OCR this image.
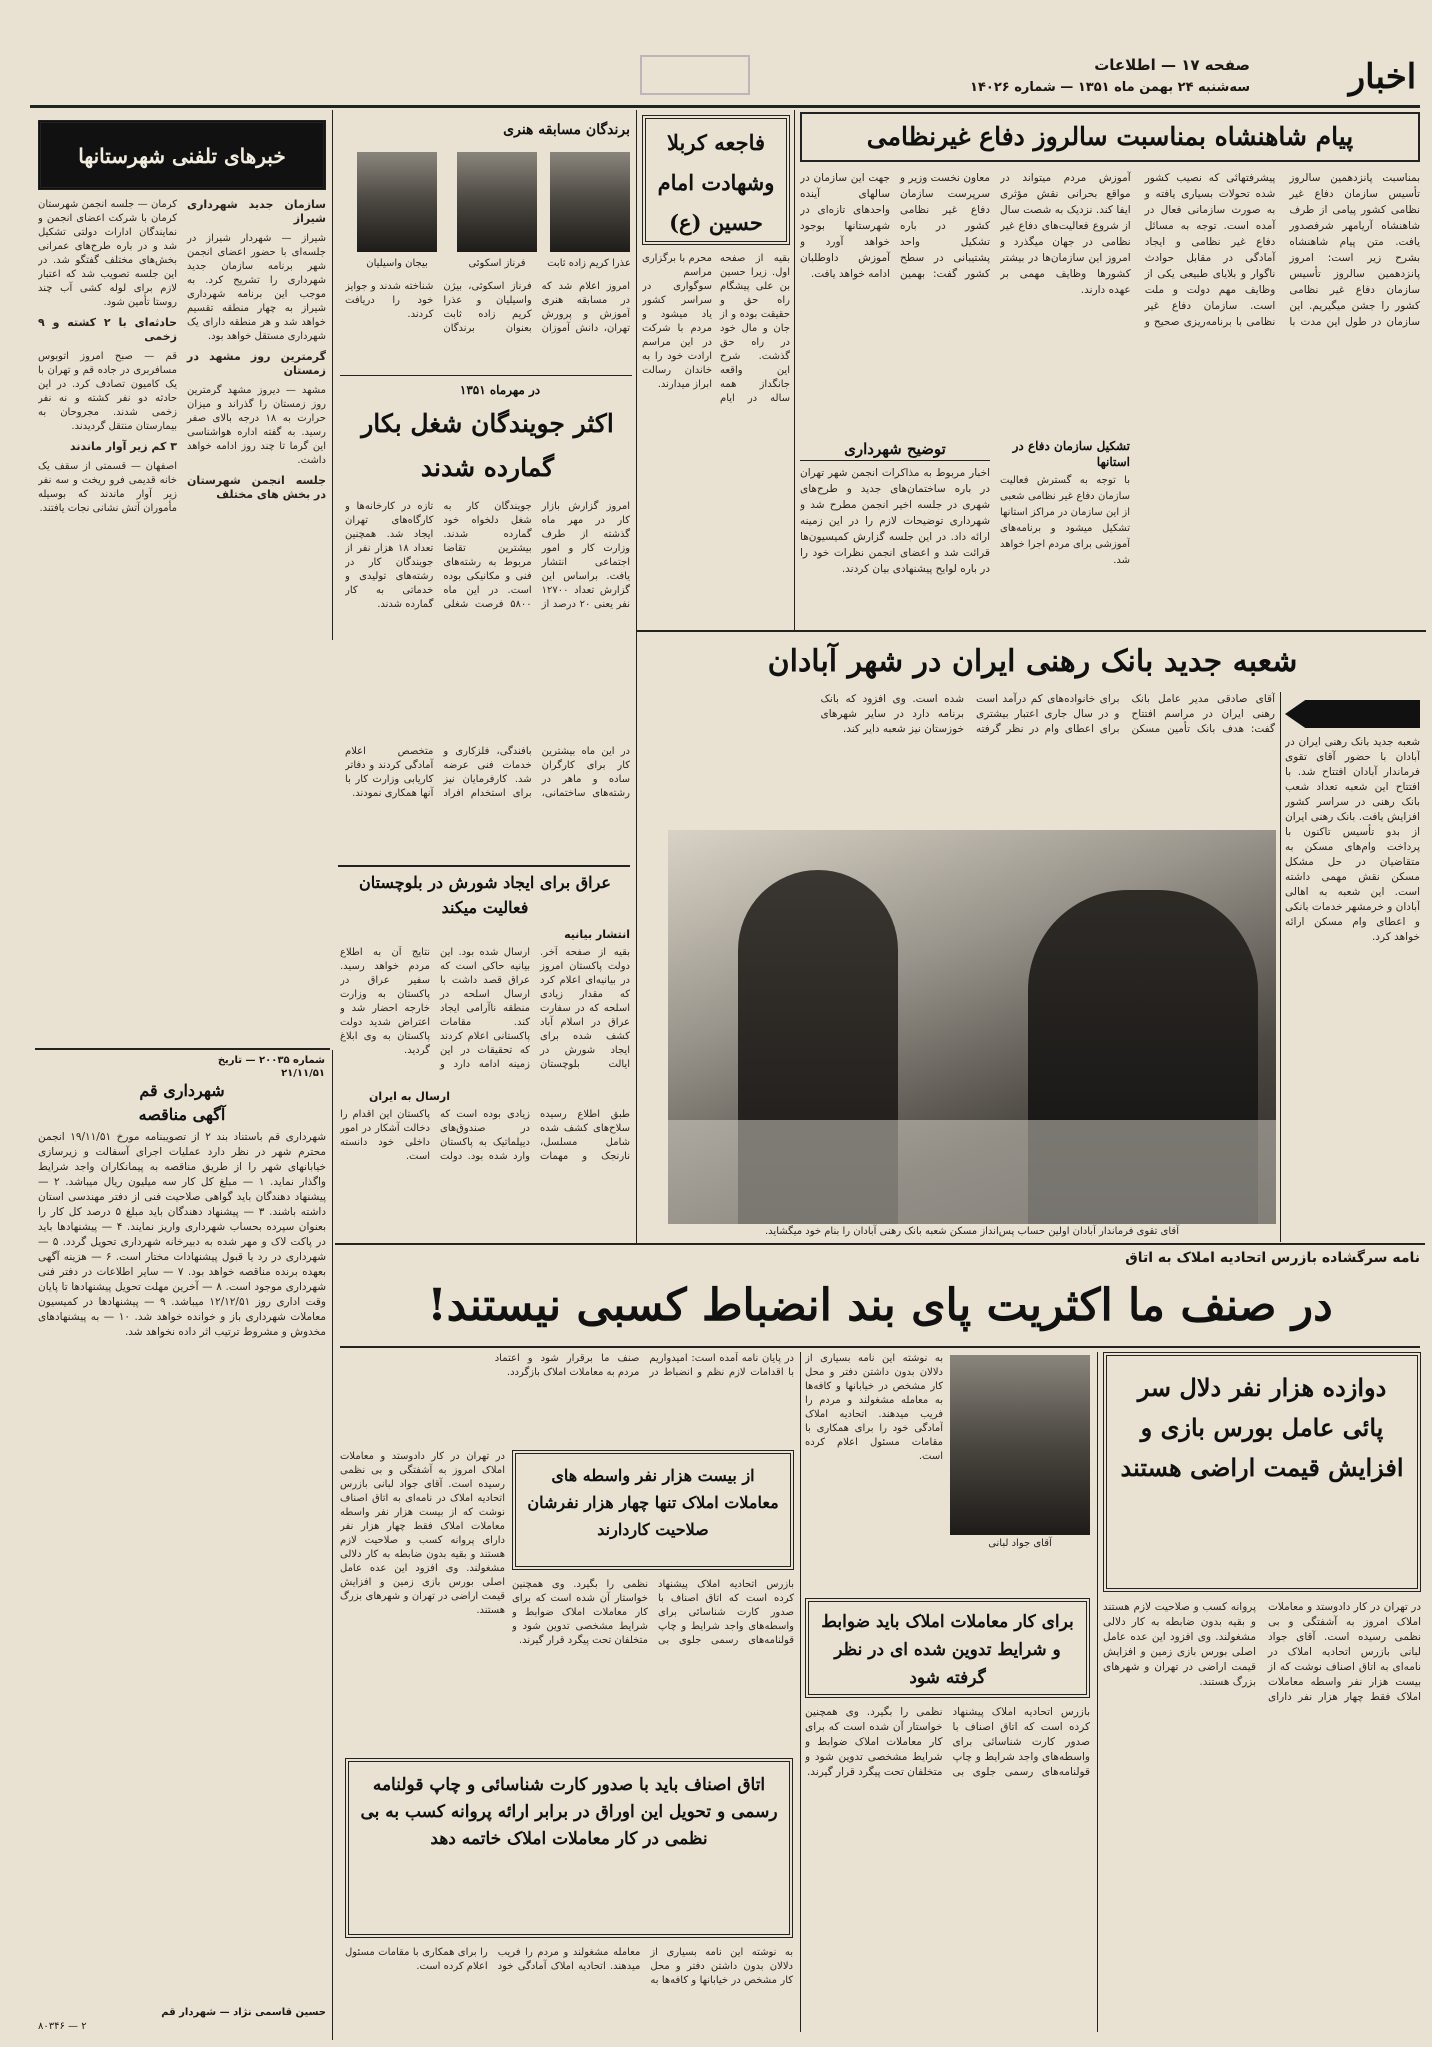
اخبار
صفحه ۱۷ — اطلاعات
سه‌شنبه ۲۴ بهمن ماه ۱۳۵۱ — شماره ۱۴۰۲۶
پیام شاهنشاه بمناسبت سالروز دفاع غیرنظامی
بمناسبت پانزدهمین سالروز تأسیس سازمان دفاع غیر نظامی کشور پیامی از طرف شاهنشاه آریامهر شرفصدور یافت. متن پیام شاهنشاه بشرح زیر است: امروز پانزدهمین سالروز تأسیس سازمان دفاع غیر نظامی کشور را جشن میگیریم. این سازمان در طول این مدت با پیشرفتهائی که نصیب کشور شده تحولات بسیاری یافته و به صورت سازمانی فعال در آمده است. توجه به مسائل دفاع غیر نظامی و ایجاد آمادگی در مقابل حوادث ناگوار و بلایای طبیعی یکی از وظایف مهم دولت و ملت است. سازمان دفاع غیر نظامی با برنامه‌ریزی صحیح و آموزش مردم میتواند در مواقع بحرانی نقش مؤثری ایفا کند. نزدیک به شصت سال از شروع فعالیت‌های دفاع غیر نظامی در جهان میگذرد و امروز این سازمان‌ها در بیشتر کشورها وظایف مهمی بر عهده دارند.
معاون نخست وزیر و سرپرست سازمان دفاع غیر نظامی کشور در باره تشکیل واحد پشتیبانی در سطح کشور گفت: بهمین جهت این سازمان در سالهای آینده واحدهای تازه‌ای در شهرستانها بوجود خواهد آورد و آموزش داوطلبان ادامه خواهد یافت.
توضیح شهرداری
اخبار مربوط به مذاکرات انجمن شهر تهران در باره ساختمان‌های جدید و طرح‌های شهری در جلسه اخیر انجمن مطرح شد و شهرداری توضیحات لازم را در این زمینه ارائه داد. در این جلسه گزارش کمیسیون‌ها قرائت شد و اعضای انجمن نظرات خود را در باره لوایح پیشنهادی بیان کردند.
تشکیل سازمان دفاع در استانها
با توجه به گسترش فعالیت سازمان دفاع غیر نظامی شعبی از این سازمان در مراکز استانها تشکیل میشود و برنامه‌های آموزشی برای مردم اجرا خواهد شد.
فاجعه کربلا وشهادت امام حسین (ع)
بقیه از صفحه اول. زیرا حسین بن علی پیشگام راه حق و حقیقت بوده و از جان و مال خود در راه حق گذشت. شرح این واقعه جانگداز همه ساله در ایام محرم با برگزاری مراسم سوگواری در سراسر کشور یاد میشود و مردم با شرکت در این مراسم ارادت خود را به خاندان رسالت ابراز میدارند.
برندگان مسابقه هنری
عذرا کریم زاده ثابت
فرناز اسکوئی
بیجان واسیلیان
امروز اعلام شد که در مسابقه هنری آموزش و پرورش تهران، دانش آموزان فرناز اسکوئی، بیژن واسیلیان و عذرا کریم زاده ثابت بعنوان برندگان شناخته شدند و جوایز خود را دریافت کردند.
در مهرماه ۱۳۵۱
اکثر جویندگان شغل بکار گمارده شدند
امروز گزارش بازار کار در مهر ماه گذشته از طرف وزارت کار و امور اجتماعی انتشار یافت. براساس این گزارش تعداد ۱۲۷۰۰ نفر یعنی ۲۰ درصد از جویندگان کار به شغل دلخواه خود گمارده شدند. بیشترین تقاضا مربوط به رشته‌های فنی و مکانیکی بوده است. در این ماه ۵۸۰۰ فرصت شغلی تازه در کارخانه‌ها و کارگاه‌های تهران ایجاد شد. همچنین تعداد ۱۸ هزار نفر از جویندگان کار در رشته‌های تولیدی و خدماتی به کار گمارده شدند.
در این ماه بیشترین کار برای کارگران ساده و ماهر در رشته‌های ساختمانی، بافندگی، فلزکاری و خدمات فنی عرضه شد. کارفرمایان نیز برای استخدام افراد متخصص اعلام آمادگی کردند و دفاتر کاریابی وزارت کار با آنها همکاری نمودند.
خبرهای تلفنی شهرستانها

سازمان جدید شهرداری شیراز

شیراز — شهردار شیراز در جلسه‌ای با حضور اعضای انجمن شهر برنامه سازمان جدید شهرداری را تشریح کرد. به موجب این برنامه شهرداری شیراز به چهار منطقه تقسیم خواهد شد و هر منطقه دارای یک شهرداری مستقل خواهد بود.

گرمترین روز مشهد در زمستان

مشهد — دیروز مشهد گرمترین روز زمستان را گذراند و میزان حرارت به ۱۸ درجه بالای صفر رسید. به گفته اداره هواشناسی این گرما تا چند روز ادامه خواهد داشت.

جلسه انجمن شهرستان در بخش های مختلف

کرمان — جلسه انجمن شهرستان کرمان با شرکت اعضای انجمن و نمایندگان ادارات دولتی تشکیل شد و در باره طرح‌های عمرانی بخش‌های مختلف گفتگو شد. در این جلسه تصویب شد که اعتبار لازم برای لوله کشی آب چند روستا تأمین شود.

حادثه‌ای با ۲ کشته و ۹ زخمی

قم — صبح امروز اتوبوس مسافربری در جاده قم و تهران با یک کامیون تصادف کرد. در این حادثه دو نفر کشته و نه نفر زخمی شدند. مجروحان به بیمارستان منتقل گردیدند.

۳ کم زیر آوار ماندند

اصفهان — قسمتی از سقف یک خانه قدیمی فرو ریخت و سه نفر زیر آوار ماندند که بوسیله مأموران آتش نشانی نجات یافتند.

شماره ۲۰۰۳۵ — تاریخ ۲۱/۱۱/۵۱
شهرداری قم
آگهی مناقصه
شهرداری قم باستناد بند ۲ از تصویبنامه مورخ ۱۹/۱۱/۵۱ انجمن محترم شهر در نظر دارد عملیات اجرای آسفالت و زیرسازی خیابانهای شهر را از طریق مناقصه به پیمانکاران واجد شرایط واگذار نماید. ۱ — مبلغ کل کار سه میلیون ریال میباشد. ۲ — پیشنهاد دهندگان باید گواهی صلاحیت فنی از دفتر مهندسی استان داشته باشند. ۳ — پیشنهاد دهندگان باید مبلغ ۵ درصد کل کار را بعنوان سپرده بحساب شهرداری واریز نمایند. ۴ — پیشنهادها باید در پاکت لاک و مهر شده به دبیرخانه شهرداری تحویل گردد. ۵ — شهرداری در رد یا قبول پیشنهادات مختار است. ۶ — هزینه آگهی بعهده برنده مناقصه خواهد بود. ۷ — سایر اطلاعات در دفتر فنی شهرداری موجود است. ۸ — آخرین مهلت تحویل پیشنهادها تا پایان وقت اداری روز ۱۲/۱۲/۵۱ میباشد. ۹ — پیشنهادها در کمیسیون معاملات شهرداری باز و خوانده خواهد شد. ۱۰ — به پیشنهادهای مخدوش و مشروط ترتیب اثر داده نخواهد شد.
حسین قاسمی نژاد — شهردار قم
۲ — ۸۰۳۴۶
عراق برای ایجاد شورش در بلوچستان فعالیت میکند
انتشار بیانیه
بقیه از صفحه آخر. دولت پاکستان امروز در بیانیه‌ای اعلام کرد که مقدار زیادی اسلحه که در سفارت عراق در اسلام آباد کشف شده برای ایجاد شورش در ایالت بلوچستان ارسال شده بود. این بیانیه حاکی است که عراق قصد داشت با ارسال اسلحه در منطقه ناآرامی ایجاد کند. مقامات پاکستانی اعلام کردند که تحقیقات در این زمینه ادامه دارد و نتایج آن به اطلاع مردم خواهد رسید. سفیر عراق در پاکستان به وزارت خارجه احضار شد و اعتراض شدید دولت پاکستان به وی ابلاغ گردید.
ارسال به ایران
طبق اطلاع رسیده سلاح‌های کشف شده شامل مسلسل، نارنجک و مهمات زیادی بوده است که در صندوق‌های دیپلماتیک به پاکستان وارد شده بود. دولت پاکستان این اقدام را دخالت آشکار در امور داخلی خود دانسته است.
شعبه جدید بانک رهنی ایران در شهر آبادان
شعبه جدید بانک رهنی ایران در آبادان با حضور آقای تقوی فرماندار آبادان افتتاح شد. با افتتاح این شعبه تعداد شعب بانک رهنی در سراسر کشور افزایش یافت. بانک رهنی ایران از بدو تأسیس تاکنون با پرداخت وام‌های مسکن به متقاضیان در حل مشکل مسکن نقش مهمی داشته است. این شعبه به اهالی آبادان و خرمشهر خدمات بانکی و اعطای وام مسکن ارائه خواهد کرد.
آقای صادقی مدیر عامل بانک رهنی ایران در مراسم افتتاح گفت: هدف بانک تأمین مسکن برای خانواده‌های کم درآمد است و در سال جاری اعتبار بیشتری برای اعطای وام در نظر گرفته شده است. وی افزود که بانک برنامه دارد در سایر شهرهای خوزستان نیز شعبه دایر کند.
آقای تقوی فرماندار آبادان اولین حساب پس‌انداز مسکن شعبه بانک رهنی آبادان را بنام خود میگشاید.
نامه سرگشاده بازرس اتحادیه املاک به اتاق
در صنف ما اکثریت پای بند انضباط کسبی نیستند!
دوازده هزار نفر دلال سر پائی عامل بورس بازی و افزایش قیمت اراضی هستند
آقای جواد لبانی
به نوشته این نامه بسیاری از دلالان بدون داشتن دفتر و محل کار مشخص در خیابانها و کافه‌ها به معامله مشغولند و مردم را فریب میدهند. اتحادیه املاک آمادگی خود را برای همکاری با مقامات مسئول اعلام کرده است.
در تهران در کار دادوستد و معاملات املاک امروز به آشفتگی و بی نظمی رسیده است. آقای جواد لبانی بازرس اتحادیه املاک در نامه‌ای به اتاق اصناف نوشت که از بیست هزار نفر واسطه معاملات املاک فقط چهار هزار نفر دارای پروانه کسب و صلاحیت لازم هستند و بقیه بدون ضابطه به کار دلالی مشغولند. وی افزود این عده عامل اصلی بورس بازی زمین و افزایش قیمت اراضی در تهران و شهرهای بزرگ هستند.
برای کار معاملات املاک باید ضوابط و شرایط تدوین شده ای در نظر گرفته شود
بازرس اتحادیه املاک پیشنهاد کرده است که اتاق اصناف با صدور کارت شناسائی برای واسطه‌های واجد شرایط و چاپ قولنامه‌های رسمی جلوی بی نظمی را بگیرد. وی همچنین خواستار آن شده است که برای کار معاملات املاک ضوابط و شرایط مشخصی تدوین شود و متخلفان تحت پیگرد قرار گیرند.
از بیست هزار نفر واسطه های معاملات املاک تنها چهار هزار نفرشان صلاحیت کاردارند
در پایان نامه آمده است: امیدواریم با اقدامات لازم نظم و انضباط در صنف ما برقرار شود و اعتماد مردم به معاملات املاک بازگردد.
در تهران در کار دادوستد و معاملات املاک امروز به آشفتگی و بی نظمی رسیده است. آقای جواد لبانی بازرس اتحادیه املاک در نامه‌ای به اتاق اصناف نوشت که از بیست هزار نفر واسطه معاملات املاک فقط چهار هزار نفر دارای پروانه کسب و صلاحیت لازم هستند و بقیه بدون ضابطه به کار دلالی مشغولند. وی افزود این عده عامل اصلی بورس بازی زمین و افزایش قیمت اراضی در تهران و شهرهای بزرگ هستند.
بازرس اتحادیه املاک پیشنهاد کرده است که اتاق اصناف با صدور کارت شناسائی برای واسطه‌های واجد شرایط و چاپ قولنامه‌های رسمی جلوی بی نظمی را بگیرد. وی همچنین خواستار آن شده است که برای کار معاملات املاک ضوابط و شرایط مشخصی تدوین شود و متخلفان تحت پیگرد قرار گیرند.
اتاق اصناف باید با صدور کارت شناسائی و چاپ قولنامه رسمی و تحویل این اوراق در برابر ارائه پروانه کسب به بی نظمی در کار معاملات املاک خاتمه دهد
به نوشته این نامه بسیاری از دلالان بدون داشتن دفتر و محل کار مشخص در خیابانها و کافه‌ها به معامله مشغولند و مردم را فریب میدهند. اتحادیه املاک آمادگی خود را برای همکاری با مقامات مسئول اعلام کرده است.
